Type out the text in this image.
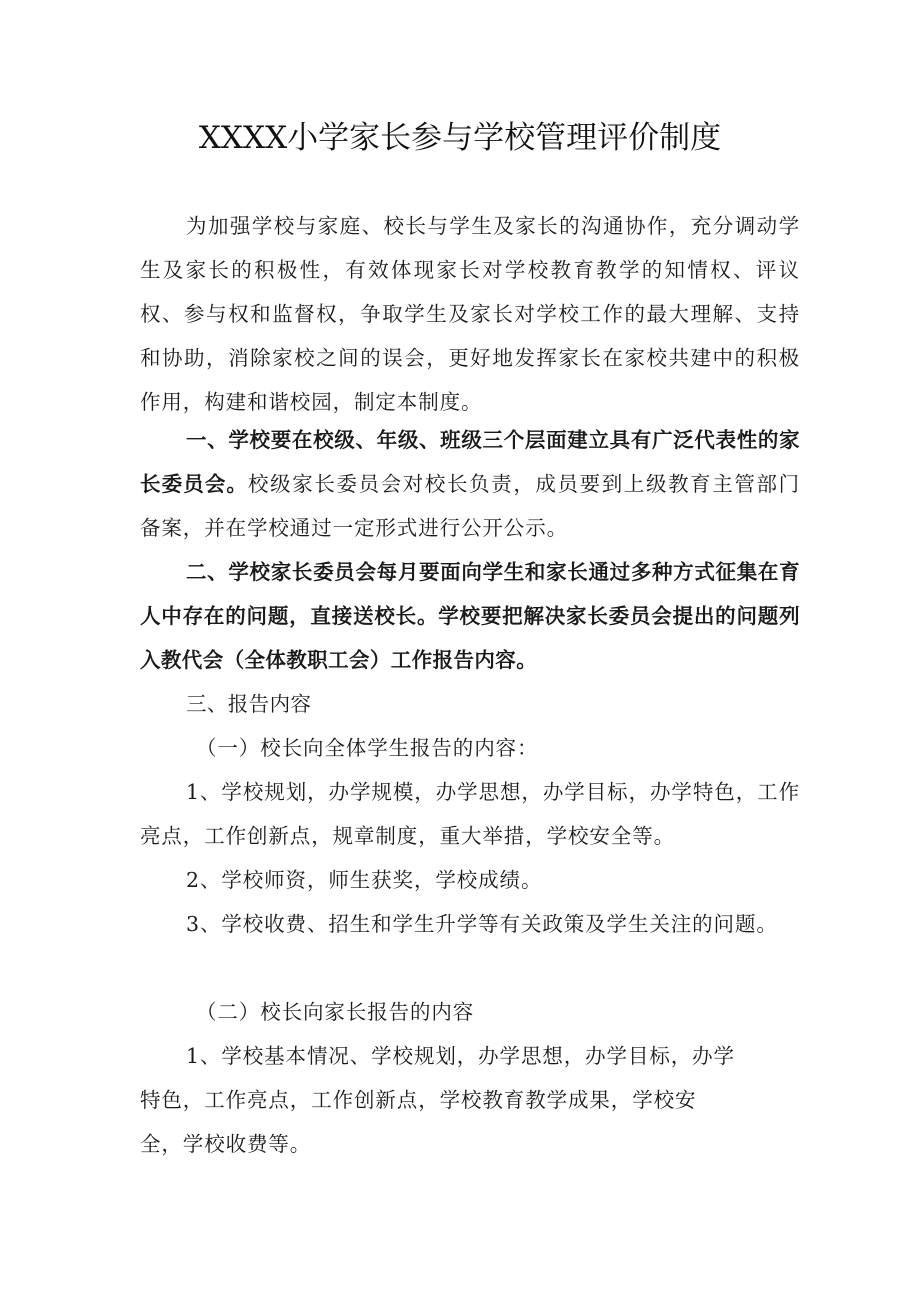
XXXX小学家长参与学校管理评价制度

为加强学校与家庭、校长与学生及家长的沟通协作，充分调动学生及家长的积极性，有效体现家长对学校教育教学的知情权、评议权、参与权和监督权，争取学生及家长对学校工作的最大理解、支持和协助，消除家校之间的误会，更好地发挥家长在家校共建中的积极作用，构建和谐校园，制定本制度。

一、学校要在校级、年级、班级三个层面建立具有广泛代表性的家长委员会。校级家长委员会对校长负责，成员要到上级教育主管部门备案，并在学校通过一定形式进行公开公示。

二、学校家长委员会每月要面向学生和家长通过多种方式征集在育人中存在的问题，直接送校长。学校要把解决家长委员会提出的问题列入教代会（全体教职工会）工作报告内容。

三、报告内容

（一）校长向全体学生报告的内容：

1、学校规划，办学规模，办学思想，办学目标，办学特色，工作亮点，工作创新点，规章制度，重大举措，学校安全等。

2、学校师资，师生获奖，学校成绩。

3、学校收费、招生和学生升学等有关政策及学生关注的问题。

（二）校长向家长报告的内容

1、学校基本情况、学校规划，办学思想，办学目标，办学

特色，工作亮点，工作创新点，学校教育教学成果，学校安

全，学校收费等。
